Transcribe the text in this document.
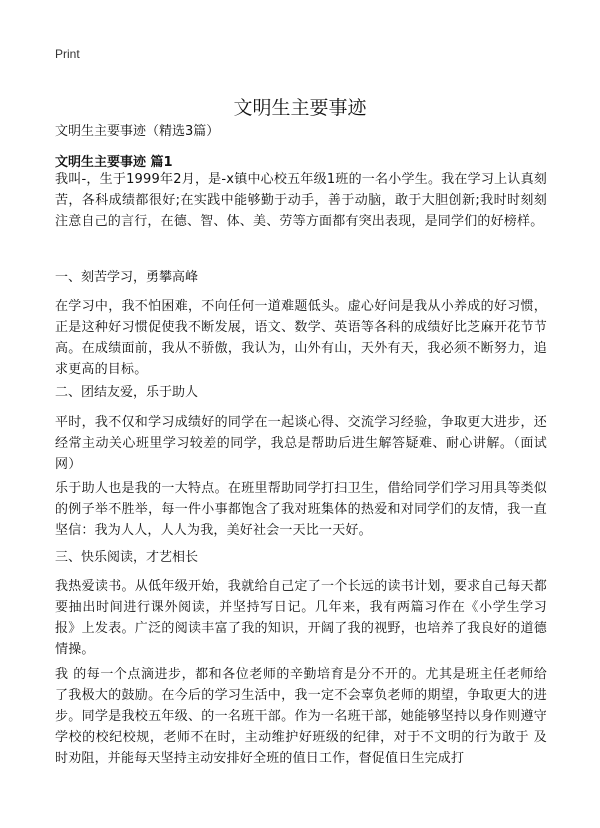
Print
文明生主要事迹
文明生主要事迹（精选3篇）
文明生主要事迹 篇1

我叫-，生于1999年2月，是-x镇中心校五年级1班的一名小学生。我在学习上认真刻苦，各科成绩都很好;在实践中能够勤于动手，善于动脑，敢于大胆创新;我时时刻刻注意自己的言行，在德、智、体、美、劳等方面都有突出表现，是同学们的好榜样。

一、刻苦学习，勇攀高峰

在学习中，我不怕困难，不向任何一道难题低头。虚心好问是我从小养成的好习惯，正是这种好习惯促使我不断发展，语文、数学、英语等各科的成绩好比芝麻开花节节高。在成绩面前，我从不骄傲，我认为，山外有山，天外有天，我必须不断努力，追求更高的目标。

二、团结友爱，乐于助人

平时，我不仅和学习成绩好的同学在一起谈心得、交流学习经验，争取更大进步，还经常主动关心班里学习较差的同学，我总是帮助后进生解答疑难、耐心讲解。（面试网）

乐于助人也是我的一大特点。在班里帮助同学打扫卫生，借给同学们学习用具等类似的例子举不胜举，每一件小事都饱含了我对班集体的热爱和对同学们的友情，我一直坚信：我为人人，人人为我，美好社会一天比一天好。

三、快乐阅读，才艺相长

我热爱读书。从低年级开始，我就给自己定了一个长远的读书计划，要求自己每天都要抽出时间进行课外阅读，并坚持写日记。几年来，我有两篇习作在《小学生学习报》上发表。广泛的阅读丰富了我的知识，开阔了我的视野，也培养了我良好的道德情操。

我 的每一个点滴进步，都和各位老师的辛勤培育是分不开的。尤其是班主任老师给了我极大的鼓励。在今后的学习生活中，我一定不会辜负老师的期望，争取更大的进 步。同学是我校五年级、的一名班干部。作为一名班干部，她能够坚持以身作则遵守学校的校纪校规，老师不在时，主动维护好班级的纪律，对于不文明的行为敢于 及时劝阻，并能每天坚持主动安排好全班的值日工作，督促值日生完成打
